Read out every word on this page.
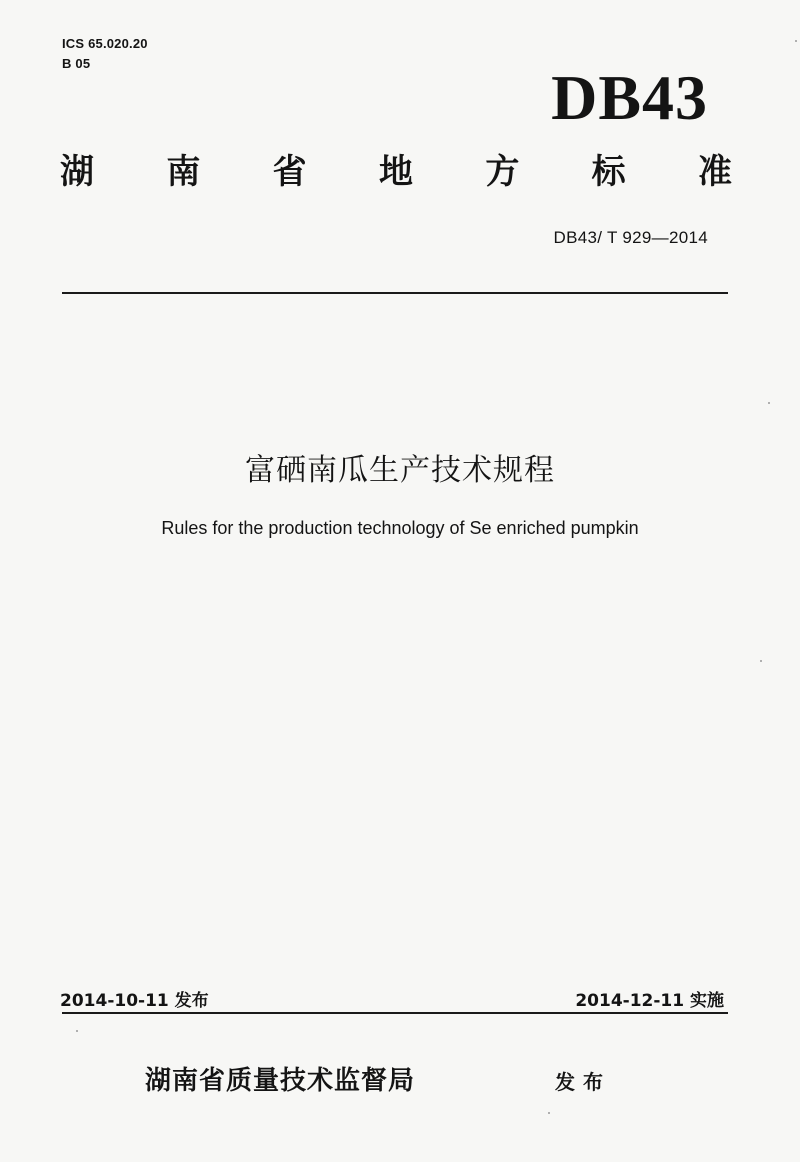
ICS 65.020.20
B 05	DB43
湖 南 省 地 方 标 准
DB43/ T 929—2014
富硒南瓜生产技术规程
Rules for the production technology of Se enriched pumpkin
2014-10-11 发布	2014-12-11 实施
湖南省质量技术监督局	发布
